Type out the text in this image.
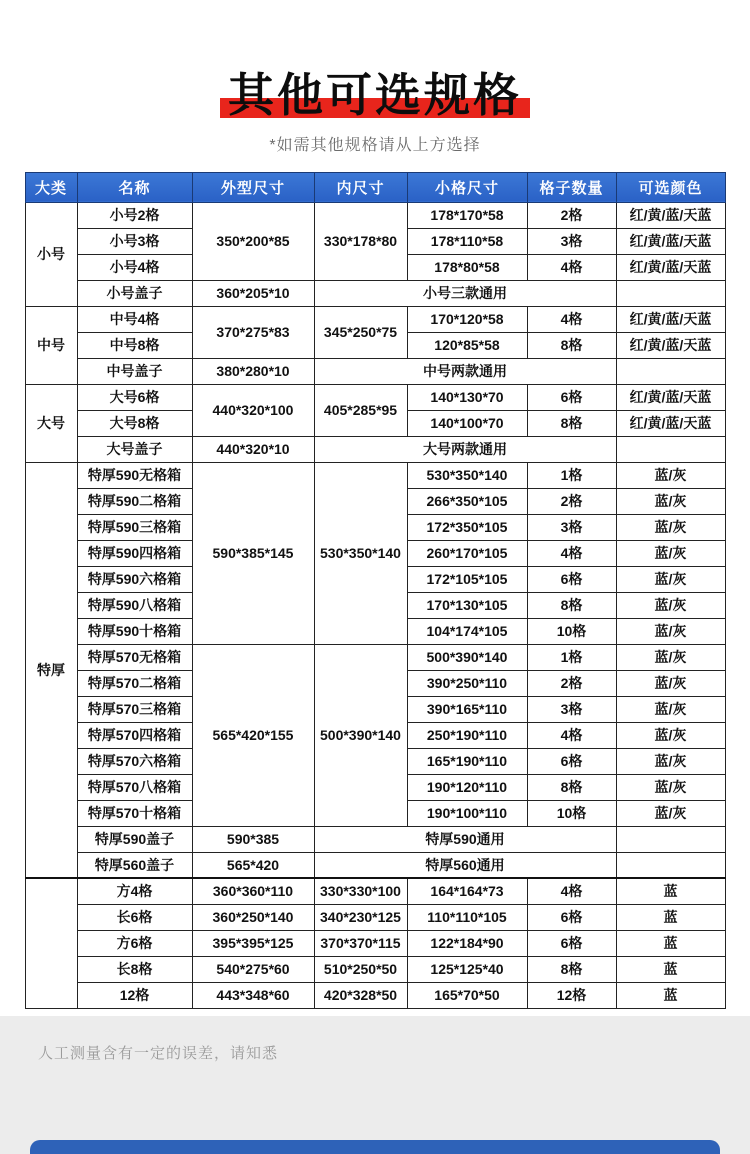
其他可选规格
*如需其他规格请从上方选择
大类	名称	外型尺寸	内尺寸	小格尺寸	格子数量	可选颜色
小号	小号2格	350*200*85	330*178*80	178*170*58	2格	红/黄/蓝/天蓝
	小号3格			178*110*58	3格	红/黄/蓝/天蓝
	小号4格			178*80*58	4格	红/黄/蓝/天蓝
	小号盖子	360*205*10	小号三款通用			
中号	中号4格	370*275*83	345*250*75	170*120*58	4格	红/黄/蓝/天蓝
	中号8格			120*85*58	8格	红/黄/蓝/天蓝
	中号盖子	380*280*10	中号两款通用			
大号	大号6格	440*320*100	405*285*95	140*130*70	6格	红/黄/蓝/天蓝
	大号8格			140*100*70	8格	红/黄/蓝/天蓝
	大号盖子	440*320*10	大号两款通用			
特厚	特厚590无格箱	590*385*145	530*350*140	530*350*140	1格	蓝/灰
	特厚590二格箱			266*350*105	2格	蓝/灰
	特厚590三格箱			172*350*105	3格	蓝/灰
	特厚590四格箱			260*170*105	4格	蓝/灰
	特厚590六格箱			172*105*105	6格	蓝/灰
	特厚590八格箱			170*130*105	8格	蓝/灰
	特厚590十格箱			104*174*105	10格	蓝/灰
	特厚570无格箱	565*420*155	500*390*140	500*390*140	1格	蓝/灰
	特厚570二格箱			390*250*110	2格	蓝/灰
	特厚570三格箱			390*165*110	3格	蓝/灰
	特厚570四格箱			250*190*110	4格	蓝/灰
	特厚570六格箱			165*190*110	6格	蓝/灰
	特厚570八格箱			190*120*110	8格	蓝/灰
	特厚570十格箱			190*100*110	10格	蓝/灰
	特厚590盖子	590*385	特厚590通用			
	特厚560盖子	565*420	特厚560通用			
	方4格	360*360*110	330*330*100	164*164*73	4格	蓝
	长6格	360*250*140	340*230*125	110*110*105	6格	蓝
	方6格	395*395*125	370*370*115	122*184*90	6格	蓝
	长8格	540*275*60	510*250*50	125*125*40	8格	蓝
	12格	443*348*60	420*328*50	165*70*50	12格	蓝
人工测量含有一定的误差，请知悉
